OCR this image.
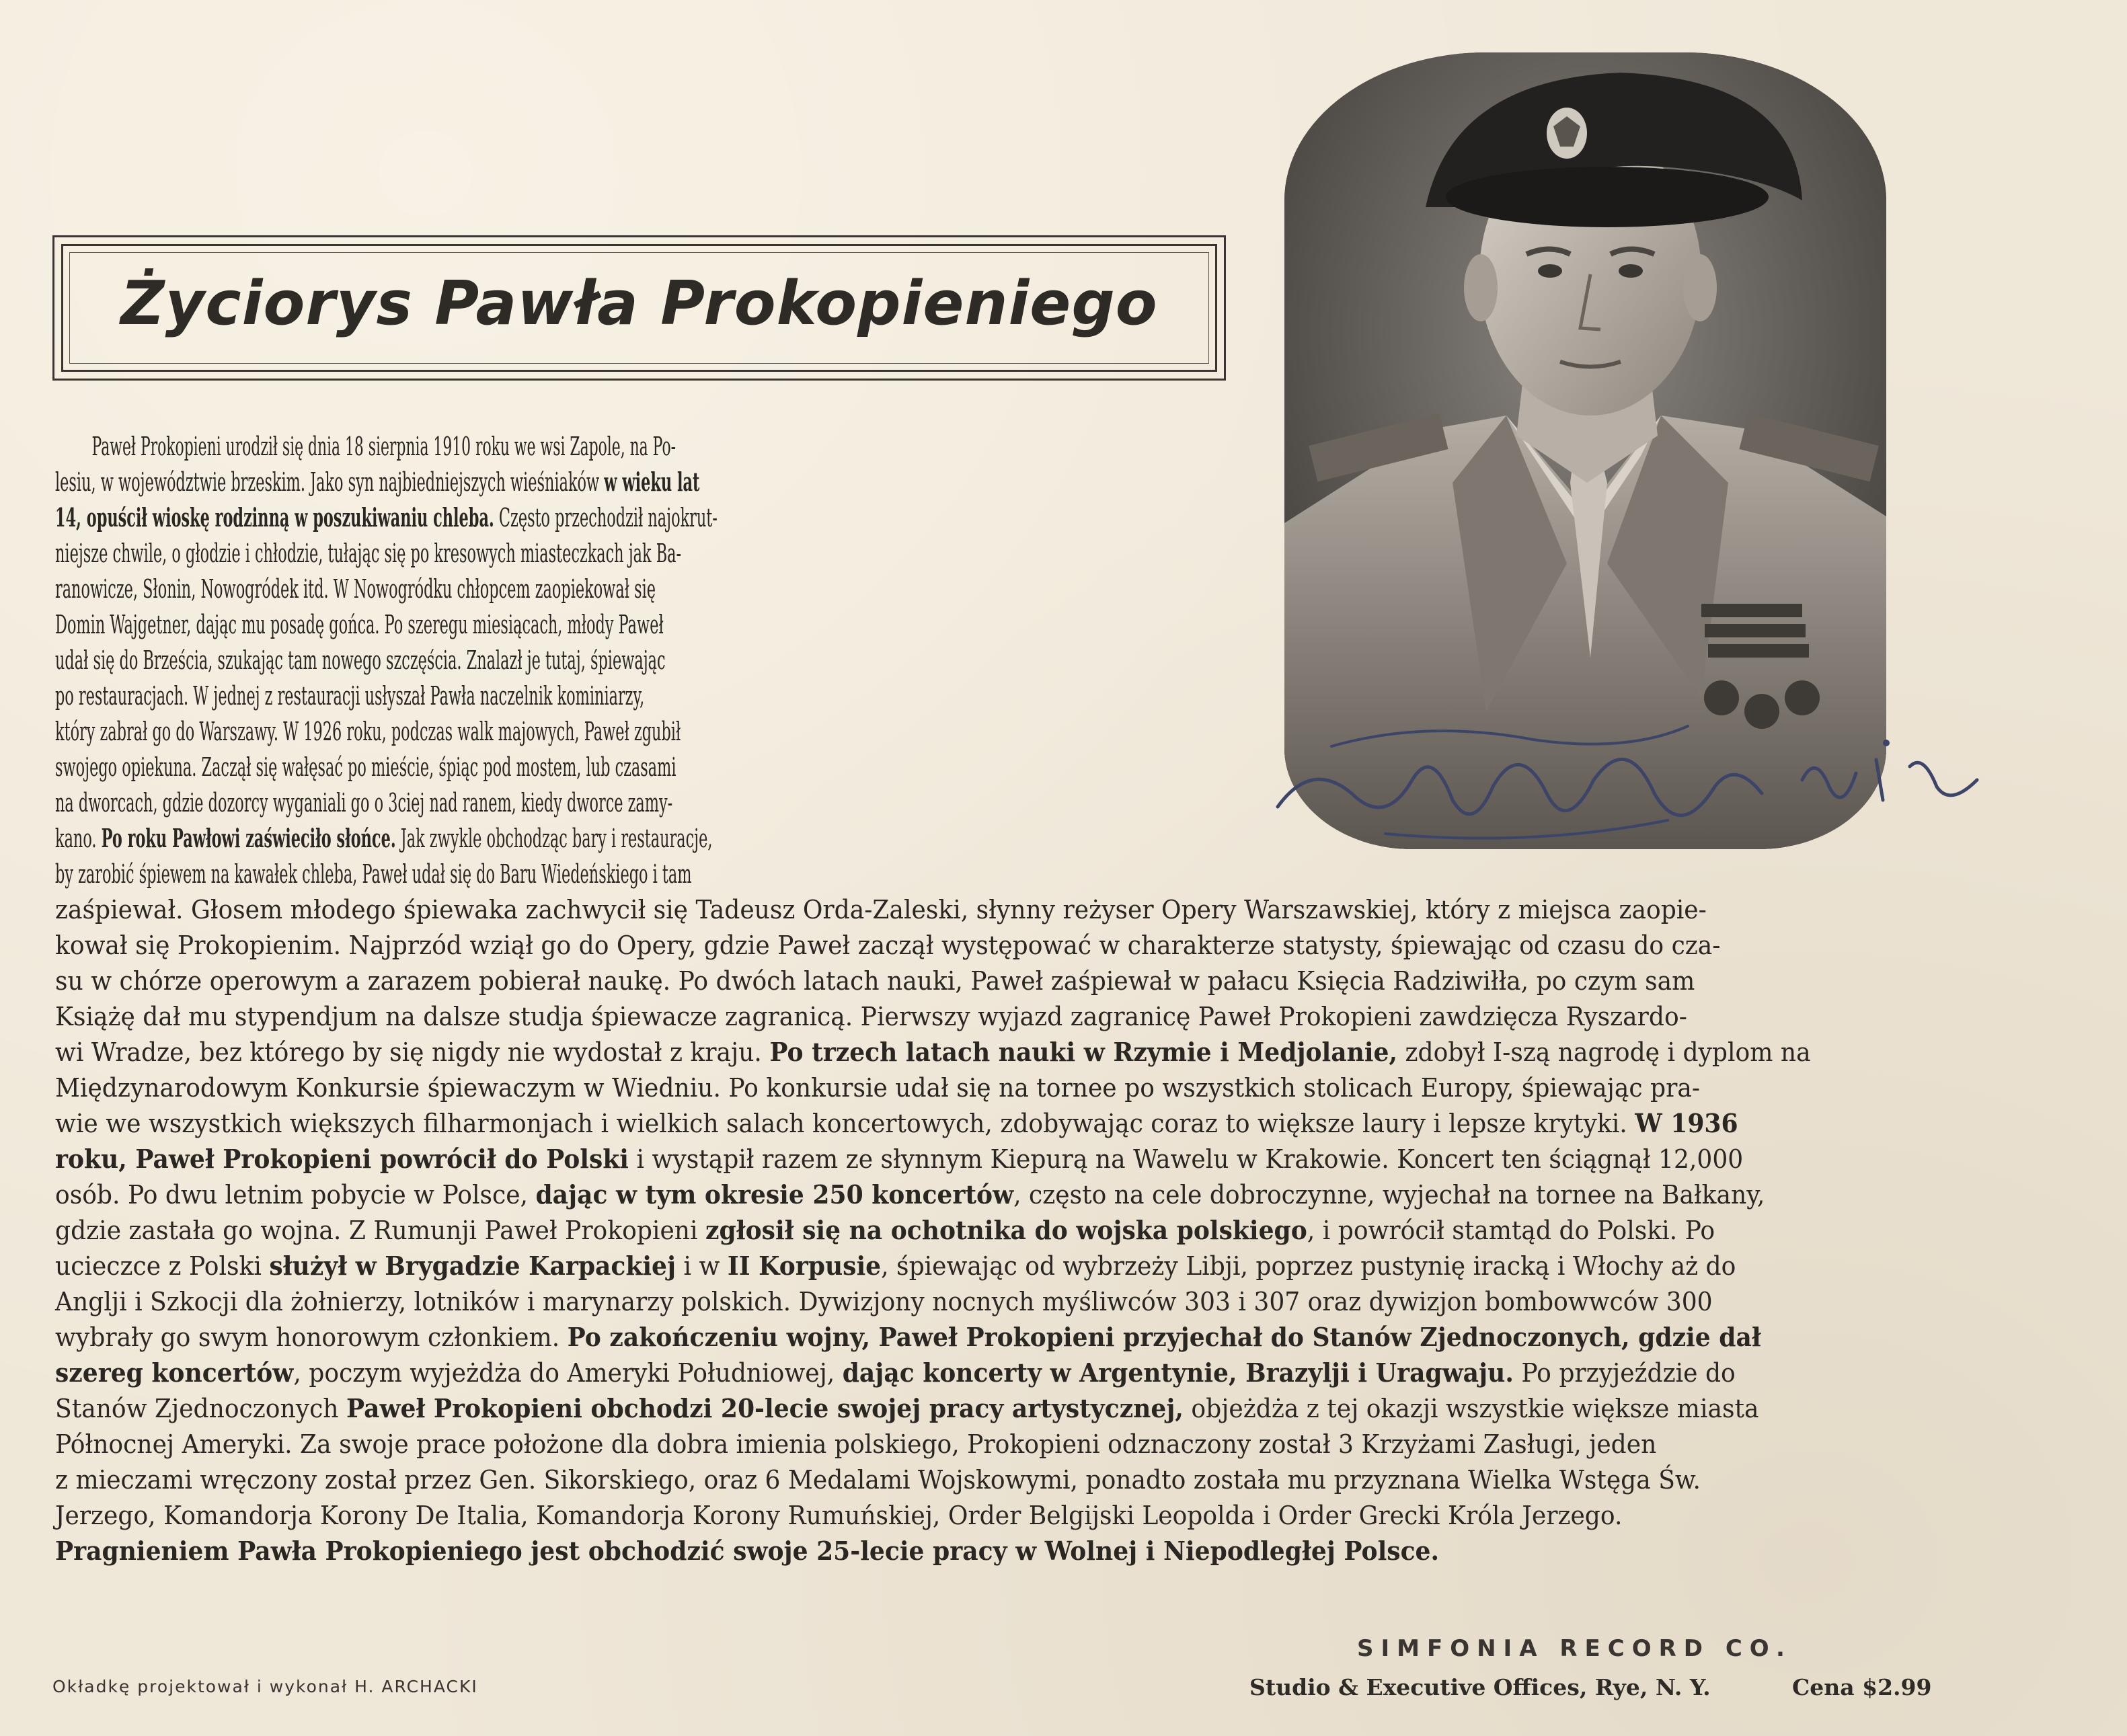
Życiorys Pawła Prokopieniego
Paweł Prokopieni urodził się dnia 18 sierpnia 1910 roku we wsi Zapole, na Po-
lesiu, w województwie brzeskim. Jako syn najbiedniejszych wieśniaków w wieku lat
14, opuścił wioskę rodzinną w poszukiwaniu chleba. Często przechodził najokrut-
niejsze chwile, o głodzie i chłodzie, tułając się po kresowych miasteczkach jak Ba-
ranowicze, Słonin, Nowogródek itd. W Nowogródku chłopcem zaopiekował się
Domin Wajgetner, dając mu posadę gońca. Po szeregu miesiącach, młody Paweł
udał się do Brześcia, szukając tam nowego szczęścia. Znalazł je tutaj, śpiewając
po restauracjach. W jednej z restauracji usłyszał Pawła naczelnik kominiarzy,
który zabrał go do Warszawy. W 1926 roku, podczas walk majowych, Paweł zgubił
swojego opiekuna. Zaczął się wałęsać po mieście, śpiąc pod mostem, lub czasami
na dworcach, gdzie dozorcy wyganiali go o 3ciej nad ranem, kiedy dworce zamy-
kano. Po roku Pawłowi zaświeciło słońce. Jak zwykle obchodząc bary i restauracje,
by zarobić śpiewem na kawałek chleba, Paweł udał się do Baru Wiedeńskiego i tam
zaśpiewał. Głosem młodego śpiewaka zachwycił się Tadeusz Orda-Zaleski, słynny reżyser Opery Warszawskiej, który z miejsca zaopie-
kował się Prokopienim. Najprzód wziął go do Opery, gdzie Paweł zaczął występować w charakterze statysty, śpiewając od czasu do cza-
su w chórze operowym a zarazem pobierał naukę. Po dwóch latach nauki, Paweł zaśpiewał w pałacu Księcia Radziwiłła, po czym sam
Książę dał mu stypendjum na dalsze studja śpiewacze zagranicą. Pierwszy wyjazd zagranicę Paweł Prokopieni zawdzięcza Ryszardo-
wi Wradze, bez którego by się nigdy nie wydostał z kraju. Po trzech latach nauki w Rzymie i Medjolanie, zdobył I-szą nagrodę i dyplom na
Międzynarodowym Konkursie śpiewaczym w Wiedniu. Po konkursie udał się na tornee po wszystkich stolicach Europy, śpiewając pra-
wie we wszystkich większych filharmonjach i wielkich salach koncertowych, zdobywając coraz to większe laury i lepsze krytyki. W 1936
roku, Paweł Prokopieni powrócił do Polski i wystąpił razem ze słynnym Kiepurą na Wawelu w Krakowie. Koncert ten ściągnął 12,000
osób. Po dwu letnim pobycie w Polsce, dając w tym okresie 250 koncertów, często na cele dobroczynne, wyjechał na tornee na Bałkany,
gdzie zastała go wojna. Z Rumunji Paweł Prokopieni zgłosił się na ochotnika do wojska polskiego, i powrócił stamtąd do Polski. Po
ucieczce z Polski służył w Brygadzie Karpackiej i w II Korpusie, śpiewając od wybrzeży Libji, poprzez pustynię iracką i Włochy aż do
Anglji i Szkocji dla żołnierzy, lotników i marynarzy polskich. Dywizjony nocnych myśliwców 303 i 307 oraz dywizjon bombowwców 300
wybrały go swym honorowym członkiem. Po zakończeniu wojny, Paweł Prokopieni przyjechał do Stanów Zjednoczonych, gdzie dał
szereg koncertów, poczym wyjeżdża do Ameryki Południowej, dając koncerty w Argentynie, Brazylji i Uragwaju. Po przyjeździe do
Stanów Zjednoczonych Paweł Prokopieni obchodzi 20-lecie swojej pracy artystycznej, objeżdża z tej okazji wszystkie większe miasta
Północnej Ameryki. Za swoje prace położone dla dobra imienia polskiego, Prokopieni odznaczony został 3 Krzyżami Zasługi, jeden
z mieczami wręczony został przez Gen. Sikorskiego, oraz 6 Medalami Wojskowymi, ponadto została mu przyznana Wielka Wstęga Św.
Jerzego, Komandorja Korony De Italia, Komandorja Korony Rumuńskiej, Order Belgijski Leopolda i Order Grecki Króla Jerzego.
Pragnieniem Pawła Prokopieniego jest obchodzić swoje 25-lecie pracy w Wolnej i Niepodległej Polsce.
Okładkę projektował i wykonał H. ARCHACKI
SIMFONIA RECORD CO.
Studio & Executive Offices, Rye, N. Y.	Cena $2.99
